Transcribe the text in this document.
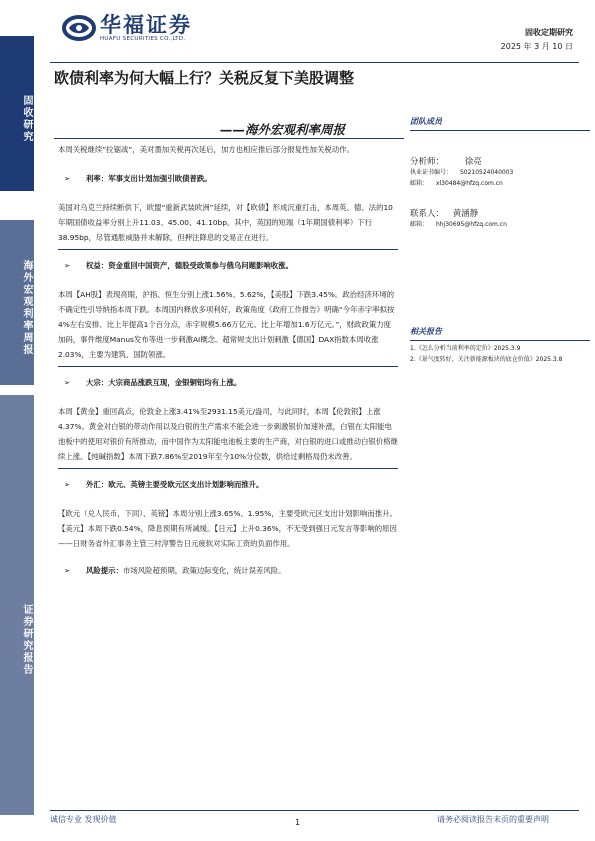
固收研究
海外宏观利率周报
证券研究报告
华福证券
HUAFU SECURITIES CO.,LTD.
固收定期研究
2025 年 3 月 10 日
欧债利率为何大幅上行？关税反复下美股调整
——海外宏观利率周报

本周关税继续“拉锯战”，美对墨加关税再次延后，加方也相应推后部分报复性加关税动作。

➢ 利率：军事支出计划加强引欧债普跌。

美国对乌克兰持续断供下，欧盟“重新武装欧洲”延续，对【欧债】形成沉重打击，本周英、德、法的10年期国债收益率分别上升11.03、45.00、41.10bp。其中，英国的短端（1年期国债利率）下行38.95bp，尽管通胀威胁并未解除，但押注降息的交易正在进行。

➢ 权益：资金重回中国资产，德股受政策参与俄乌问题影响收涨。

本周【AH股】表现亮眼，沪指、恒生分别上涨1.56%、5.62%，【美股】下跌3.45%。政治经济环境的不确定性引导纳指本周下跌。本周国内释放多项利好，政策角度《政府工作报告》明确“今年赤字率拟按4%左右安排、比上年提高1个百分点，赤字规模5.66万亿元、比上年增加1.6万亿元。”，财政政策力度加码，事件维度Manus发布等进一步刺激AI概念。超常规支出计划刺激【德国】DAX指数本周收涨2.03%，主要为建筑、国防领涨。

➢ 大宗：大宗商品涨跌互现，金银铜铝均有上涨。

本周【黄金】重回高点，伦敦金上涨3.41%至2931.15美元/盎司，与此同时，本周【伦敦银】上涨4.37%。黄金对白银的带动作用以及白银的生产需求不能会进一步刺激银价加速补涨，白银在太阳能电池板中的使用对银价有所推动，而中国作为太阳能电池板主要的生产商，对白银的进口或推动白银价格继续上涨。【纯碱指数】本周下跌7.86%至2019年至今10%分位数，供给过剩格局仍未改善。

➢ 外汇：欧元、英镑主要受欧元区支出计划影响而推升。

【欧元（兑人民币，下同）、英镑】本周分别上涨3.65%、1.95%，主要受欧元区支出计划影响而推升。【美元】本周下跌0.54%，降息预期有所减缓。【日元】上升0.36%，不无受到强日元发言等影响的原因——日财务省外汇事务主管三村淳警告日元疲软对实际工资的负面作用。

➢ 风险提示：市场风险超预期，政策边际变化，统计误差风险。

团队成员
分析师： 徐亮
执业证书编号： S0210524040003
邮箱： xl30484@hfzq.com.cn
联系人： 黄涵静
邮箱： hhj30695@hfzq.com.cn
相关报告
1.《怎么分析当前利率的定价》2025.3.9
2.《景气度转好，关注新能源板块的底仓价值》2025.3.8
诚信专业 发现价值	1	请务必阅读报告末页的重要声明
